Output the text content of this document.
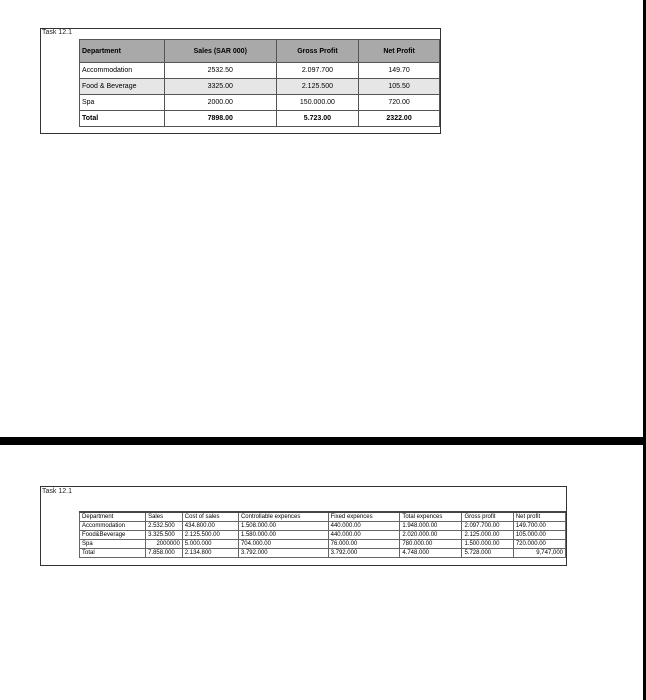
Task 12.1
Department	Sales (SAR 000)	Gross Profit	Net Profit
Accommodation	2532.50	2.097.700	149.70
Food & Beverage	3325.00	2.125.500	105.50
Spa	2000.00	150.000.00	720.00
Total	7898.00	5.723.00	2322.00
Task 12.1
Department	Sales	Cost of sales	Controllable expences	Fixed expences	Total expences	Gross profit	Net profit
Accommodation	2.532.500	434.800.00	1.508.000.00	440.000.00	1.948.000.00	2.097.700.00	149.700.00
Food&Beverage	3.325.500	2.125.500.00	1.580.000.00	440.000.00	2.020.000.00	2.125.000.00	105.000.00
Spa	2000000	5.000.000	704.000.00	76.000.00	780.000.00	1.500.000.00	720.000.00
Total	7.858.000	2.134.800	3.792.000	3.792.000	4.748.000	5.728.000	9,747,000
